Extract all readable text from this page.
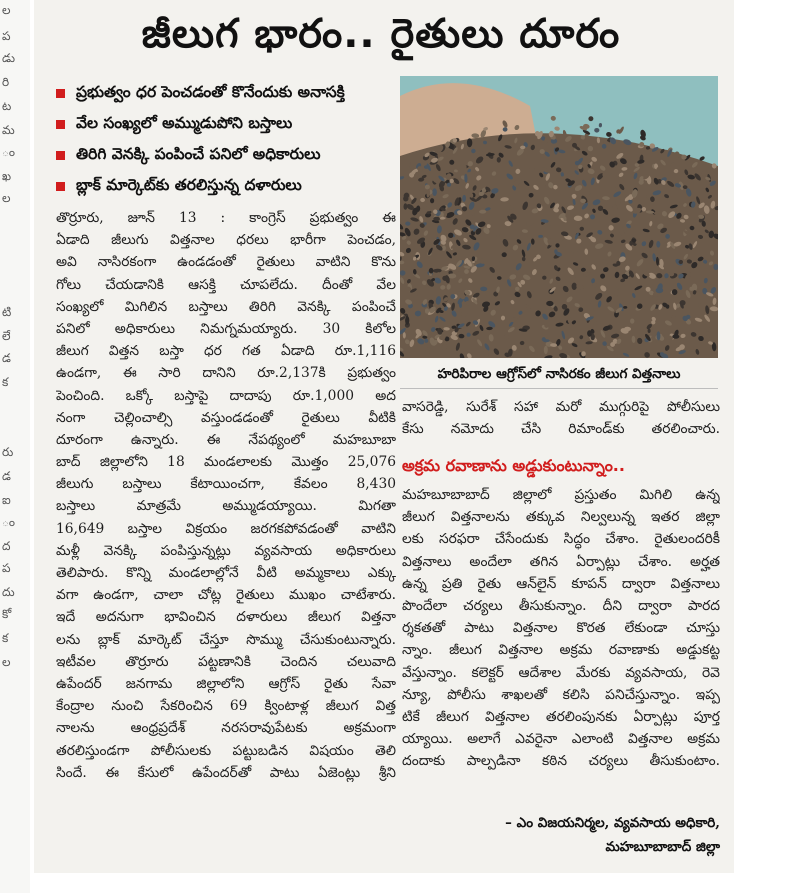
ల
ప
డు
రి
ట
మ
ం
ఖ
ల
టి
లే
డ
క
రు
డ
ఐ
ం
ద
ప
దు
కో
క
ల
జీలుగ భారం.. రైతులు దూరం
ప్రభుత్వం ధర పెంచడంతో కొనేందుకు అనాసక్తి
వేల సంఖ్యలో అమ్ముడుపోని బస్తాలు
తిరిగి వెనక్కి పంపించే పనిలో అధికారులు
బ్లాక్‌ మార్కెట్‌కు తరలిస్తున్న దళారులు
తొర్రూరు, జూన్‌ 13 : కాంగ్రెస్‌ ప్రభుత్వం ఈ
ఏడాది జీలుగు విత్తనాల ధరలు భారీగా పెంచడం,
అవి నాసిరకంగా ఉండడంతో రైతులు వాటిని కొను
గోలు చేయడానికి ఆసక్తి చూపలేదు. దీంతో వేల
సంఖ్యలో మిగిలిన బస్తాలు తిరిగి వెనక్కి పంపించే
పనిలో అధికారులు నిమగ్నమయ్యారు. 30 కిలోల
జీలుగ విత్తన బస్తా ధర గత ఏడాది రూ.1,116
ఉండగా, ఈ సారి దానిని రూ.2,137కి ప్రభుత్వం
పెంచింది. ఒక్కో బస్తాపై దాదాపు రూ.1,000 అద
నంగా చెల్లించాల్సి వస్తుండడంతో రైతులు వీటికి
దూరంగా ఉన్నారు. ఈ నేపథ్యంలో మహబూబా
బాద్‌ జిల్లాలోని 18 మండలాలకు మొత్తం 25,076
జీలుగు బస్తాలు కేటాయించగా, కేవలం 8,430
బస్తాలు మాత్రమే అమ్ముడయ్యాయి. మిగతా
16,649 బస్తాల విక్రయం జరగకపోవడంతో వాటిని
మళ్లీ వెనక్కి పంపిస్తున్నట్లు వ్యవసాయ అధికారులు
తెలిపారు. కొన్ని మండలాల్లోనే వీటి అమ్మకాలు ఎక్కు
వగా ఉండగా, చాలా చోట్ల రైతులు ముఖం చాటేశారు.
ఇదే అదనుగా భావించిన దళారులు జీలుగ విత్తనా
లను బ్లాక్‌ మార్కెట్‌ చేస్తూ సొమ్ము చేసుకుంటున్నారు.
ఇటీవల తొర్రూరు పట్టణానికి చెందిన చలువాది
ఉపేందర్‌ జనగామ జిల్లాలోని ఆగ్రోస్‌ రైతు సేవా
కేంద్రాల నుంచి సేకరించిన 69 క్వింటాళ్ల జీలుగ విత్త
నాలను ఆంధ్రప్రదేశ్‌ నరసరావుపేటకు అక్రమంగా
తరలిస్తుండగా పోలీసులకు పట్టుబడిన విషయం తెలి
సిందే. ఈ కేసులో ఉపేందర్‌తో పాటు ఏజెంట్లు శ్రీని

హరిపిరాల ఆగ్రోస్‌లో నాసిరకం జీలుగ విత్తనాలు

వాసరెడ్డి, సురేశ్‌ సహా మరో ముగ్గురిపై పోలీసులు
కేసు నమోదు చేసి రిమాండ్‌కు తరలించారు.
అక్రమ రవాణాను అడ్డుకుంటున్నాం..
మహబూబాబాద్‌ జిల్లాలో ప్రస్తుతం మిగిలి ఉన్న
జీలుగ విత్తనాలను తక్కువ నిల్వలున్న ఇతర జిల్లా
లకు సరఫరా చేసేందుకు సిద్ధం చేశాం. రైతులందరికీ
విత్తనాలు అందేలా తగిన ఏర్పాట్లు చేశాం. అర్హత
ఉన్న ప్రతి రైతు ఆన్‌లైన్‌ కూపన్‌ ద్వారా విత్తనాలు
పొందేలా చర్యలు తీసుకున్నాం. దీని ద్వారా పారద
ర్శకతతో పాటు విత్తనాల కొరత లేకుండా చూస్తు
న్నాం. జీలుగ విత్తనాల అక్రమ రవాణాకు అడ్డుకట్ట
వేస్తున్నాం. కలెక్టర్‌ ఆదేశాల మేరకు వ్యవసాయ, రెవె
న్యూ, పోలీసు శాఖలతో కలిసి పనిచేస్తున్నాం. ఇప్ప
టికే జీలుగ విత్తనాల తరలింపునకు ఏర్పాట్లు పూర్త
య్యాయి. అలాగే ఎవరైనా ఎలాంటి విత్తనాల అక్రమ
దందాకు పాల్పడినా కఠిన చర్యలు తీసుకుంటాం.

– ఎం విజయనిర్మల, వ్యవసాయ అధికారి,

మహబూబాబాద్‌ జిల్లా
